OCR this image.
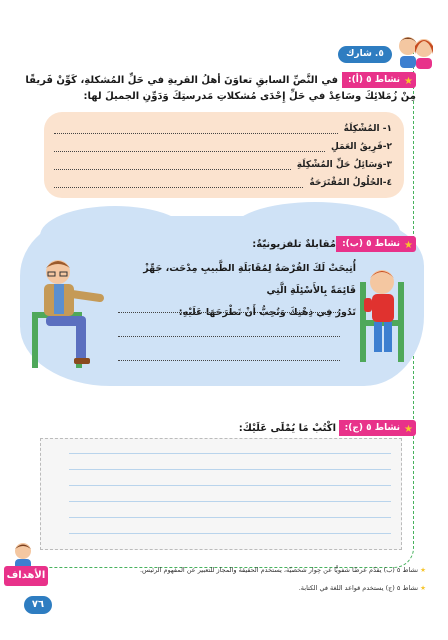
٥. شارك
★
نشاط ٥ (أ):
في النَّصِّ السابقِ تعاوَنَ أهلُ القريةِ في حَلِّ المُشكلةِ، كَوِّنْ فَريقًا
مِنْ زُمَلائِكَ وسَاعِدْ في حَلِّ إِحْدَى مُشكلاتِ مَدرستِكَ وَدَوِّنِ الجميلَ لها:
١- المُشْكِلَةُ
٢-فَرِيقُ العَمَلِ
٣-وَسَائِلُ حَلِّ المُشْكِلَةِ
٤-الحُلُولُ المُقْتَرَحَةُ
★
نشاط ٥ (ب):
مُقابلةٌ تلفزيونيّةٌ:
أُتِيحَتْ لَكَ الفُرْصَةُ لِمُقَابَلَةِ الطَّبيبِ مِدْحَت، جَهِّزْ قَائِمَةً بِالأَسْئِلَةِ الَّتِي
تَدُورُ فِي ذِهْنِكَ وَتُحِبُّ أَنْ تَطْرَحَهَا عَلَيْهِ:
★
نشاط ٥ (ج):
اكْتُبْ مَا يُمْلَى عَلَيْكَ:
الأهداف	★ نشاط ٥ (ب) يقدّم عرضًا شفويًّا عن حِوار شخصيّة، يستخدم الحقيقة والمجاز للتعبير عن المفهوم الرئيس.
★ نشاط ٥ (ج) يستخدم قواعد اللغة في الكتابة.
٧٦
